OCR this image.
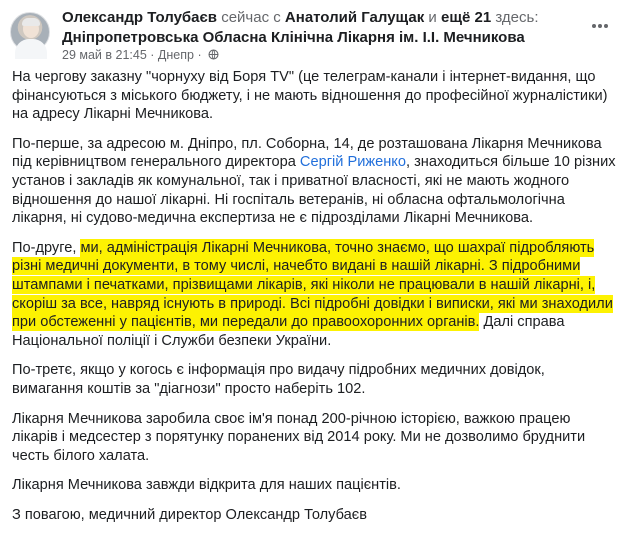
Олександр Толубаєв сейчас с Анатолий Галущак и ещё 21 здесь:
Дніпропетровська Обласна Клінічна Лікарня ім. І.І. Мечникова
29 май в 21:45 · Днепр ·

На чергову заказну "чорнуху від Боря TV" (це телеграм-канали і інтернет-видання, що фінансуються з міського бюджету, і не мають відношення до професійної журналістики) на адресу Лікарні Мечникова.

По-перше, за адресою м. Дніпро, пл. Соборна, 14, де розташована Лікарня Мечникова під керівництвом генерального директора Сергій Риженко, знаходиться більше 10 різних установ і закладів як комунальної, так і приватної власності, які не мають жодного відношення до нашої лікарні. Ні госпіталь ветеранів, ні обласна офтальмологічна лікарня, ні судово-медична експертиза не є підрозділами Лікарні Мечникова.

По-друге, ми, адміністрація Лікарні Мечникова, точно знаємо, що шахраї підробляють різні медичні документи, в тому числі, начебто видані в нашій лікарні. З підробними штампами і печатками, прізвищами лікарів, які ніколи не працювали в нашій лікарні, і, скоріш за все, навряд існують в природі. Всі підробні довідки і виписки, які ми знаходили при обстеженні у пацієнтів, ми передали до правоохоронних органів. Далі справа Національної поліції і Служби безпеки України.

По-третє, якщо у когось є інформація про видачу підробних медичних довідок, вимагання коштів за "діагнози" просто наберіть 102.

Лікарня Мечникова заробила своє ім'я понад 200-річною історією, важкою працею лікарів і медсестер з порятунку поранених від 2014 року. Ми не дозволимо бруднити честь білого халата.

Лікарня Мечникова завжди відкрита для наших пацієнтів.

З повагою, медичний директор Олександр Толубаєв
